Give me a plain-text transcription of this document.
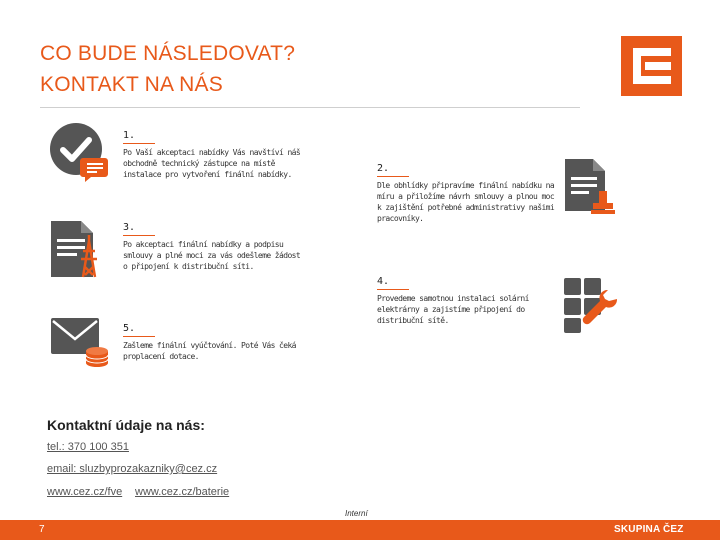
CO BUDE NÁSLEDOVAT?
KONTAKT NA NÁS
1.
Po Vaší akceptaci nabídky Vás navštíví náš obchodně technický zástupce na místě instalace pro vytvoření finální nabídky.
2.
Dle obhlídky připravíme finální nabídku na míru a přiložíme návrh smlouvy a plnou moc k zajištění potřebné administrativy našimi pracovníky.
3.
Po akceptaci finální nabídky a podpisu smlouvy a plné moci za vás odešleme žádost o připojení k distribuční síti.
4.
Provedeme samotnou instalaci solární elektrárny a zajistíme připojení do distribuční sítě.
5.
Zašleme finální vyúčtování. Poté Vás čeká proplacení dotace.
Kontaktní údaje na nás:
tel.: 370 100 351
email: sluzbyprozakazniky@cez.cz
www.cez.cz/fve www.cez.cz/baterie
Interní
7	SKUPINA ČEZ
